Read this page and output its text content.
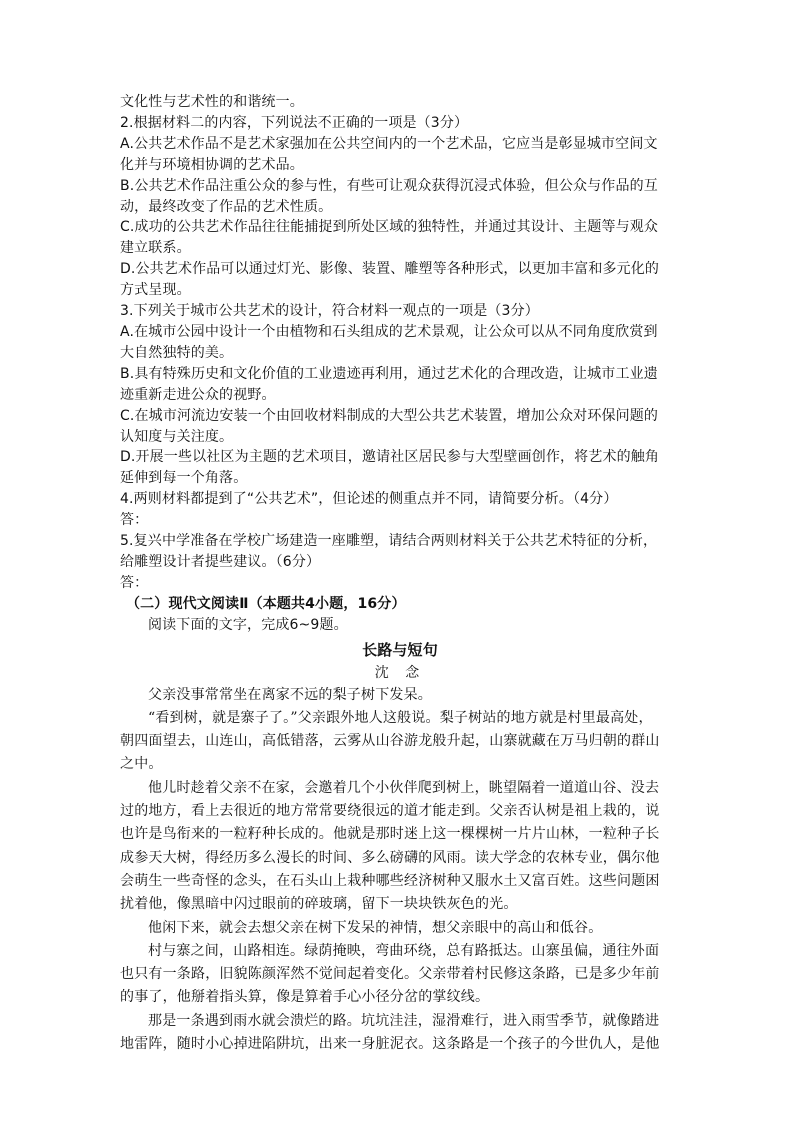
文化性与艺术性的和谐统一。
2.根据材料二的内容，下列说法不正确的一项是（3分）
A.公共艺术作品不是艺术家强加在公共空间内的一个艺术品，它应当是彰显城市空间文
化并与环境相协调的艺术品。
B.公共艺术作品注重公众的参与性，有些可让观众获得沉浸式体验，但公众与作品的互
动，最终改变了作品的艺术性质。
C.成功的公共艺术作品往往能捕捉到所处区域的独特性，并通过其设计、主题等与观众
建立联系。
D.公共艺术作品可以通过灯光、影像、装置、雕塑等各种形式，以更加丰富和多元化的
方式呈现。
3.下列关于城市公共艺术的设计，符合材料一观点的一项是（3分）
A.在城市公园中设计一个由植物和石头组成的艺术景观，让公众可以从不同角度欣赏到
大自然独特的美。
B.具有特殊历史和文化价值的工业遗迹再利用，通过艺术化的合理改造，让城市工业遗
迹重新走进公众的视野。
C.在城市河流边安装一个由回收材料制成的大型公共艺术装置，增加公众对环保问题的
认知度与关注度。
D.开展一些以社区为主题的艺术项目，邀请社区居民参与大型壁画创作，将艺术的触角
延伸到每一个角落。
4.两则材料都提到了“公共艺术”，但论述的侧重点并不同，请简要分析。（4分）
答：
5.复兴中学准备在学校广场建造一座雕塑，请结合两则材料关于公共艺术特征的分析，
给雕塑设计者提些建议。（6分）
答：
（二）现代文阅读Ⅱ（本题共4小题，16分）
阅读下面的文字，完成6~9题。
长路与短句
沈 念
父亲没事常常坐在离家不远的梨子树下发呆。
“看到树，就是寨子了。”父亲跟外地人这般说。梨子树站的地方就是村里最高处，
朝四面望去，山连山，高低错落，云雾从山谷游龙般升起，山寨就藏在万马归朝的群山
之中。
他儿时趁着父亲不在家，会邀着几个小伙伴爬到树上，眺望隔着一道道山谷、没去
过的地方，看上去很近的地方常常要绕很远的道才能走到。父亲否认树是祖上栽的，说
也许是鸟衔来的一粒籽种长成的。他就是那时迷上这一棵棵树一片片山林，一粒种子长
成参天大树，得经历多么漫长的时间、多么磅礴的风雨。读大学念的农林专业，偶尔他
会萌生一些奇怪的念头，在石头山上栽种哪些经济树种又服水土又富百姓。这些问题困
扰着他，像黑暗中闪过眼前的碎玻璃，留下一块块铁灰色的光。
他闲下来，就会去想父亲在树下发呆的神情，想父亲眼中的高山和低谷。
村与寨之间，山路相连。绿荫掩映，弯曲环绕，总有路抵达。山寨虽偏，通往外面
也只有一条路，旧貌陈颜浑然不觉间起着变化。父亲带着村民修这条路，已是多少年前
的事了，他掰着指头算，像是算着手心小径分岔的掌纹线。
那是一条遇到雨水就会溃烂的路。坑坑洼洼，湿滑难行，进入雨雪季节，就像踏进
地雷阵，随时小心掉进陷阱坑，出来一身脏泥衣。这条路是一个孩子的今世仇人，是他
